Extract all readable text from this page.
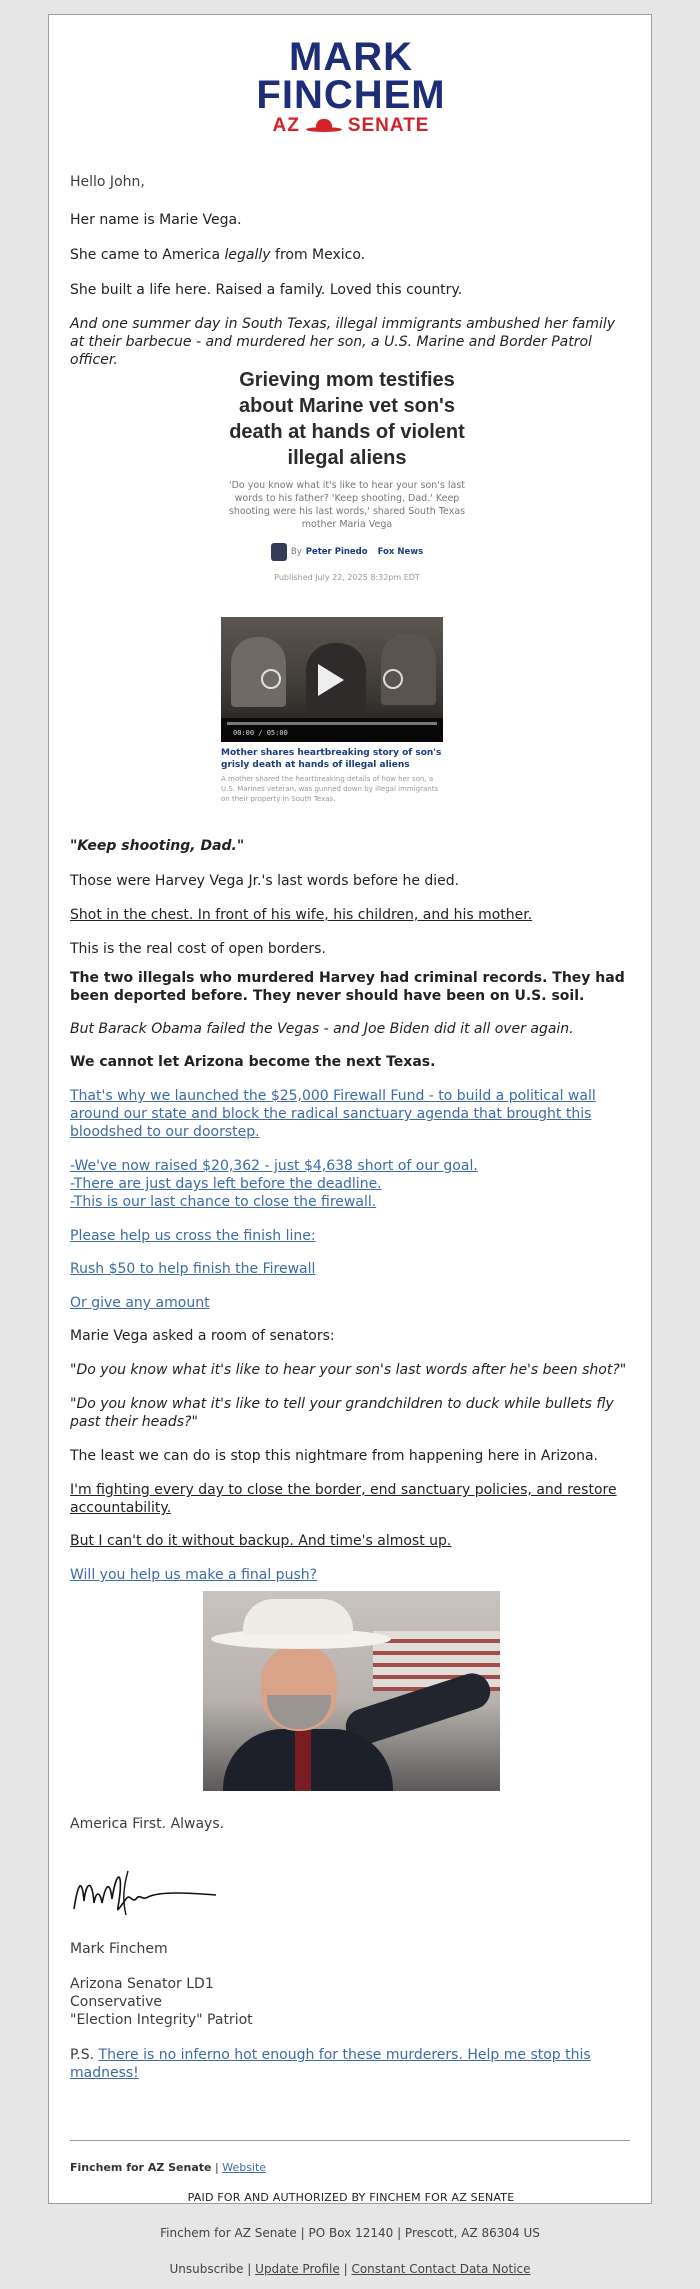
MARK
FINCHEM
AZ	SENATE
Hello John,
Her name is Marie Vega.
She came to America legally from Mexico.
She built a life here. Raised a family. Loved this country.
And one summer day in South Texas, illegal immigrants ambushed her family at their barbecue - and murdered her son, a U.S. Marine and Border Patrol officer.
Grieving mom testifies about Marine vet son's death at hands of violent illegal aliens
'Do you know what it's like to hear your son's last words to his father? 'Keep shooting, Dad.' Keep shooting were his last words,' shared South Texas mother Maria Vega
By Peter Pinedo Fox News
Published July 22, 2025 8:32pm EDT
00:00 / 05:00
Mother shares heartbreaking story of son's grisly death at hands of illegal aliens
A mother shared the heartbreaking details of how her son, a U.S. Marines veteran, was gunned down by illegal immigrants on their property in South Texas.
"Keep shooting, Dad."
Those were Harvey Vega Jr.'s last words before he died.
Shot in the chest. In front of his wife, his children, and his mother.
This is the real cost of open borders.
The two illegals who murdered Harvey had criminal records. They had been deported before. They never should have been on U.S. soil.
But Barack Obama failed the Vegas - and Joe Biden did it all over again.
We cannot let Arizona become the next Texas.
That's why we launched the $25,000 Firewall Fund - to build a political wall around our state and block the radical sanctuary agenda that brought this bloodshed to our doorstep.
-We've now raised $20,362 - just $4,638 short of our goal.
-There are just days left before the deadline.
-This is our last chance to close the firewall.
Please help us cross the finish line:
Rush $50 to help finish the Firewall
Or give any amount
Marie Vega asked a room of senators:
"Do you know what it's like to hear your son's last words after he's been shot?"
"Do you know what it's like to tell your grandchildren to duck while bullets fly past their heads?"
The least we can do is stop this nightmare from happening here in Arizona.
I'm fighting every day to close the border, end sanctuary policies, and restore accountability.
But I can't do it without backup. And time's almost up.
Will you help us make a final push?
America First. Always.
Mark Finchem
Arizona Senator LD1
Conservative
"Election Integrity" Patriot
P.S. There is no inferno hot enough for these murderers. Help me stop this madness!
Finchem for AZ Senate | Website
PAID FOR AND AUTHORIZED BY FINCHEM FOR AZ SENATE
Finchem for AZ Senate | PO Box 12140 | Prescott, AZ 86304 US
Unsubscribe | Update Profile | Constant Contact Data Notice
